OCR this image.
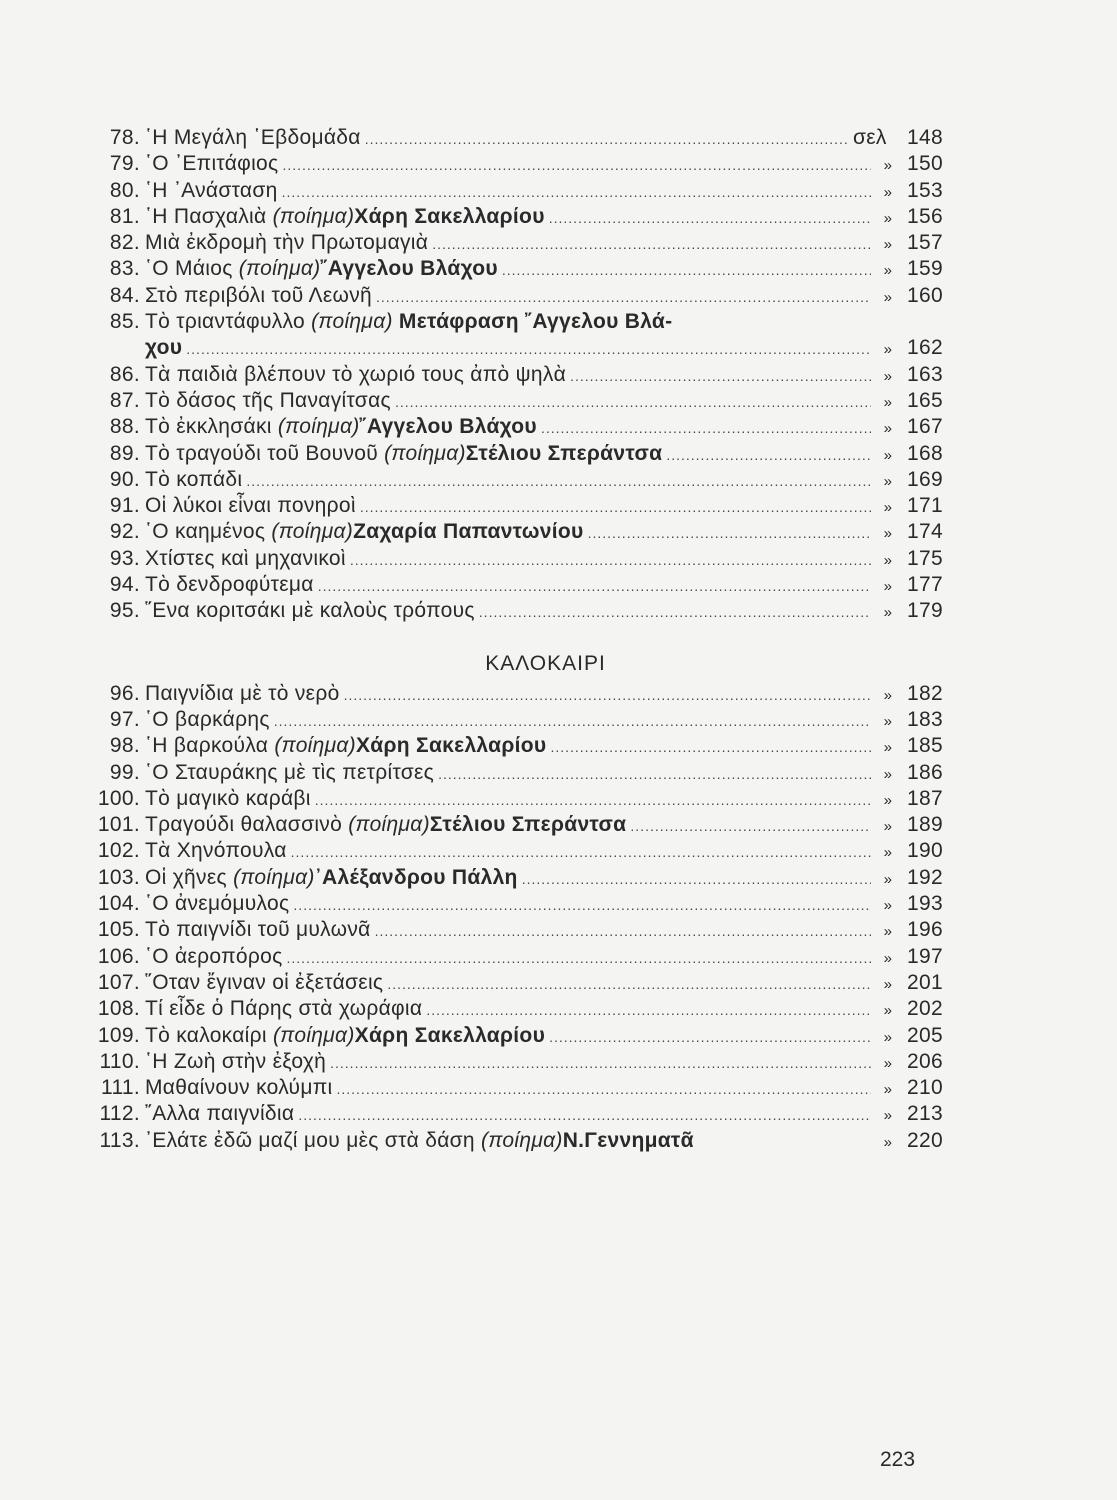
78. ῾Η Μεγάλη ῾Εβδομάδα .....	σελ 148
79. ῾Ο ᾿Επιτάφιος .....	» 150
80. ῾Η ᾿Ανάσταση .....	» 153
81. ῾Η Πασχαλιὰ (ποίημα)Χάρη Σακελλαρίου .....	» 156
82. Μιὰ ἐκδρομὴ τὴν Πρωτομαγιὰ .....	» 157
83. ῾Ο Μάιος (ποίημα)῎Αγγελου Βλάχου .....	» 159
84. Στὸ περιβόλι τοῦ Λεωνῆ .....	» 160
85. Τὸ τριαντάφυλλο (ποίημα) Μετάφραση ῎Αγγελου Βλά-
χου .....	» 162
86. Τὰ παιδιὰ βλέπουν τὸ χωριό τους ἀπὸ ψηλὰ .....	» 163
87. Τὸ δάσος τῆς Παναγίτσας .....	» 165
88. Τὸ ἐκκλησάκι (ποίημα)῎Αγγελου Βλάχου .....	» 167
89. Τὸ τραγούδι τοῦ Βουνοῦ (ποίημα)Στέλιου Σπεράντσα .....	» 168
90. Τὸ κοπάδι .....	» 169
91. Οἱ λύκοι εἶναι πονηροὶ .....	» 171
92. ῾Ο καημένος (ποίημα)Ζαχαρία Παπαντωνίου .....	» 174
93. Χτίστες καὶ μηχανικοὶ .....	» 175
94. Τὸ δενδροφύτεμα .....	» 177
95. ῞Ενα κοριτσάκι μὲ καλοὺς τρόπους .....	» 179
ΚΑΛΟΚΑΙΡΙ
96. Παιγνίδια μὲ τὸ νερὸ .....	» 182
97. ῾Ο βαρκάρης .....	» 183
98. ῾Η βαρκούλα (ποίημα)Χάρη Σακελλαρίου .....	» 185
99. ῾Ο Σταυράκης μὲ τὶς πετρίτσες .....	» 186
100. Τὸ μαγικὸ καράβι .....	» 187
101. Τραγούδι θαλασσινὸ (ποίημα)Στέλιου Σπεράντσα .....	» 189
102. Τὰ Χηνόπουλα .....	» 190
103. Οἱ χῆνες (ποίημα)᾿Αλέξανδρου Πάλλη .....	» 192
104. ῾Ο ἀνεμόμυλος .....	» 193
105. Τὸ παιγνίδι τοῦ μυλωνᾶ .....	» 196
106. ῾Ο ἀεροπόρος .....	» 197
107. ῞Οταν ἔγιναν οἱ ἐξετάσεις .....	» 201
108. Τί εἶδε ὁ Πάρης στὰ χωράφια .....	» 202
109. Τὸ καλοκαίρι (ποίημα)Χάρη Σακελλαρίου .....	» 205
110. ῾Η Ζωὴ στὴν ἐξοχὴ .....	» 206
111. Μαθαίνουν κολύμπι .....	» 210
112. ῎Αλλα παιγνίδια .....	» 213
113. ᾿Ελάτε ἐδῶ μαζί μου μὲς στὰ δάση (ποίημα)Ν.Γεννηματᾶ	» 220
223
